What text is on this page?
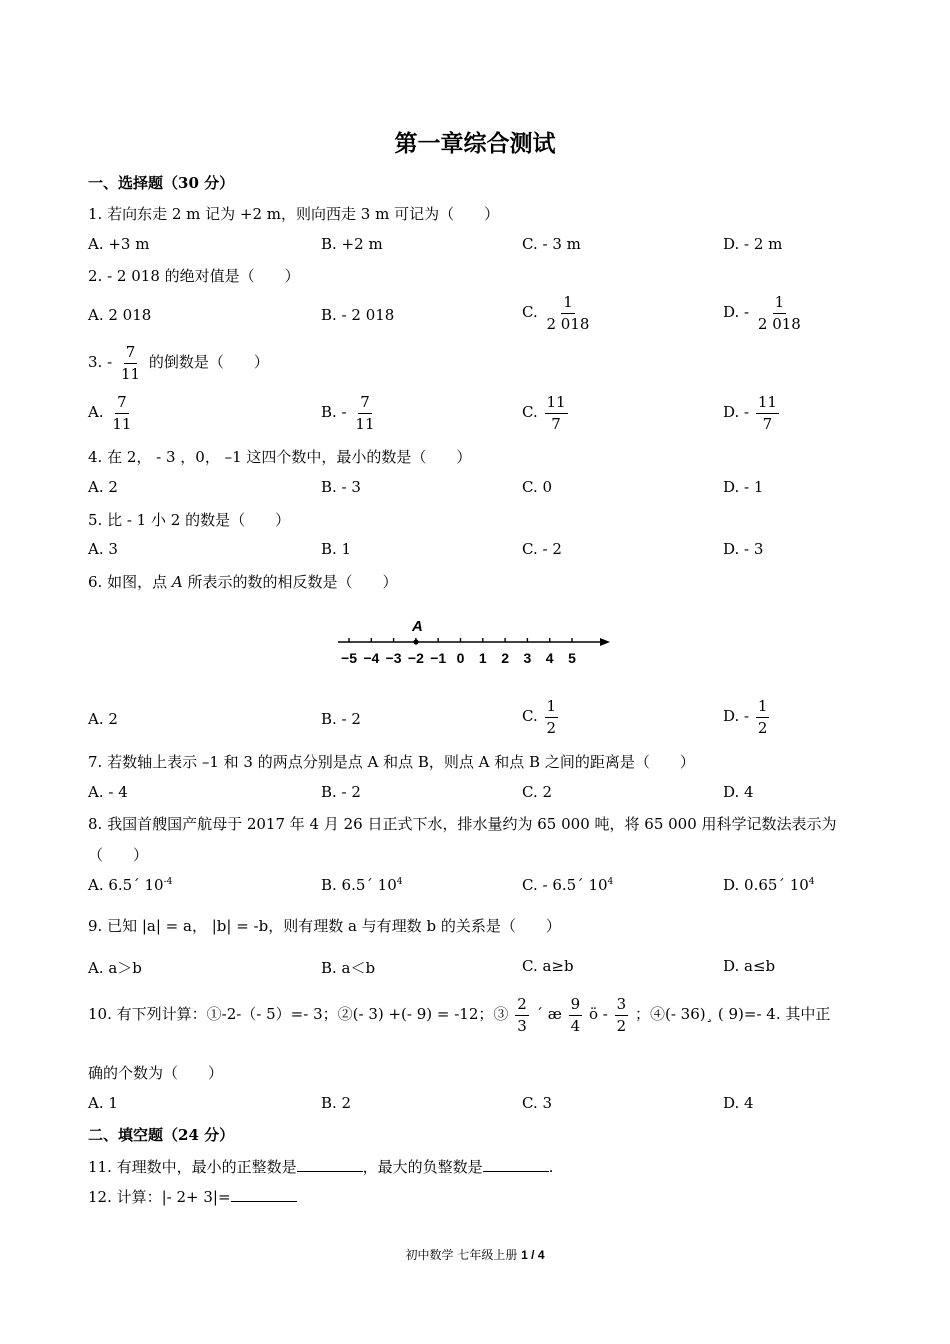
第一章综合测试
一、选择题（30 分）
1. 若向东走 2 m 记为 +2 m，则向西走 3 m 可记为（　　）
A. +3 m	B. +2 m	C. - 3 m	D. - 2 m
2. - 2 018 的绝对值是（　　）
A. 2 018	B. - 2 018	C. $\frac{1}{2 018}$	D. - $\frac{1}{2 018}$
3. - $\frac{7}{11}$ 的倒数是（　　）
A. $\frac{7}{11}$	B. - $\frac{7}{11}$	C. $\frac{11}{7}$	D. - $\frac{11}{7}$
4. 在 2， - 3 ，0， –1 这四个数中，最小的数是（　　）
A. 2	B. - 3	C. 0	D. - 1
5. 比 - 1 小 2 的数是（　　）
A. 3	B. 1	C. - 2	D. - 3
6. 如图，点 A 所表示的数的相反数是（　　）
−5 −4 −3 −2 −1 0 1 2 3 4 5
A
A. 2	B. - 2	C. $\frac{1}{2}$	D. - $\frac{1}{2}$
7. 若数轴上表示 –1 和 3 的两点分别是点 A 和点 B，则点 A 和点 B 之间的距离是（　　）
A. - 4	B. - 2	C. 2	D. 4
8. 我国首艘国产航母于 2017 年 4 月 26 日正式下水，排水量约为 65 000 吨，将 65 000 用科学记数法表示为
（　　）
A. 6.5´ $10^{-4}$	B. 6.5´ $10^4$	C. - 6.5´ $10^4$	D. 0.65´ $10^4$
9. 已知 |a| = a， |b| = -b，则有理数 a 与有理数 b 的关系是（　　）
A. a＞b	B. a＜b	C. a≥b	D. a≤b
10. 有下列计算：①-2-（- 5）=- 3；②(- 3) +(- 9) = -12；③ $\frac{2}{3}$ ´ æ $\frac{9}{4}$ ö - $\frac{3}{2}$ ；④(- 36)¸ ( 9)=- 4. 其中正
确的个数为（　　）
A. 1	B. 2	C. 3	D. 4
二、填空题（24 分）
11. 有理数中，最小的正整数是	，最大的负整数是	.
12. 计算：|- 2+ 3|=
初中数学 七年级上册 1 / 4
